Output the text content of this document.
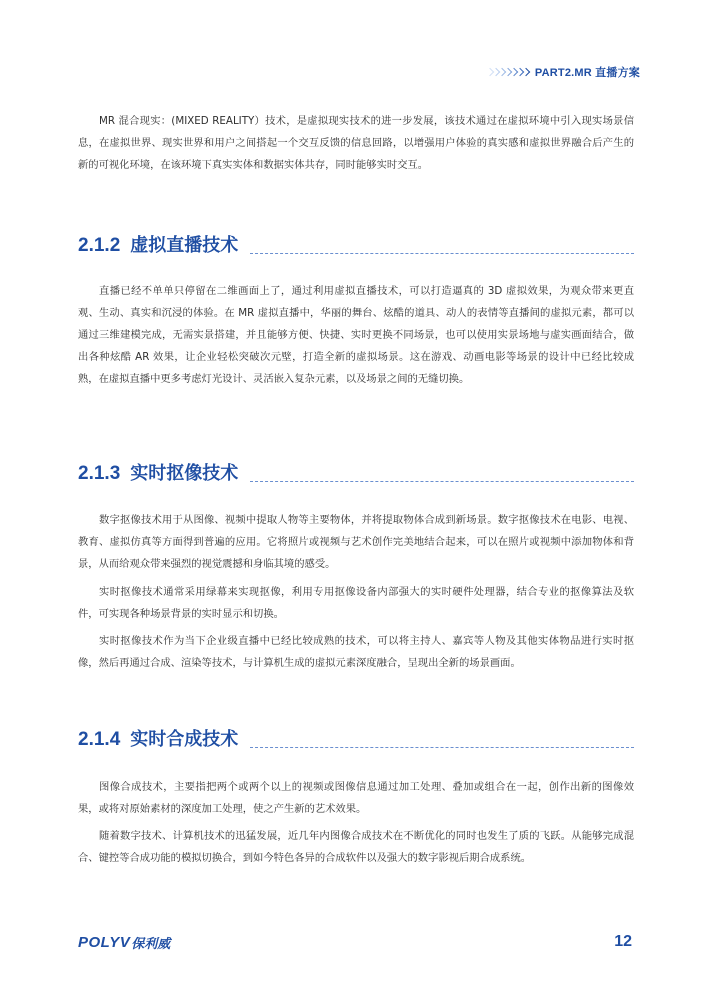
PART2.MR 直播方案

MR 混合现实：(MIXED REALITY）技术，是虚拟现实技术的进一步发展，该技术通过在虚拟环境中引入现实场景信息，在虚拟世界、现实世界和用户之间搭起一个交互反馈的信息回路，以增强用户体验的真实感和虚拟世界融合后产生的新的可视化环境，在该环境下真实实体和数据实体共存，同时能够实时交互。

2.1.2 虚拟直播技术

直播已经不单单只停留在二维画面上了，通过利用虚拟直播技术，可以打造逼真的 3D 虚拟效果，为观众带来更直观、生动、真实和沉浸的体验。在 MR 虚拟直播中，华丽的舞台、炫酷的道具、动人的表情等直播间的虚拟元素，都可以通过三维建模完成，无需实景搭建，并且能够方便、快捷、实时更换不同场景，也可以使用实景场地与虚实画面结合，做出各种炫酷 AR 效果，让企业轻松突破次元壁，打造全新的虚拟场景。这在游戏、动画电影等场景的设计中已经比较成熟，在虚拟直播中更多考虑灯光设计、灵活嵌入复杂元素，以及场景之间的无缝切换。

2.1.3 实时抠像技术

数字抠像技术用于从图像、视频中提取人物等主要物体，并将提取物体合成到新场景。数字抠像技术在电影、电视、教育、虚拟仿真等方面得到普遍的应用。它将照片或视频与艺术创作完美地结合起来，可以在照片或视频中添加物体和背景，从而给观众带来强烈的视觉震撼和身临其境的感受。

实时抠像技术通常采用绿幕来实现抠像，利用专用抠像设备内部强大的实时硬件处理器，结合专业的抠像算法及软件，可实现各种场景背景的实时显示和切换。

实时抠像技术作为当下企业级直播中已经比较成熟的技术，可以将主持人、嘉宾等人物及其他实体物品进行实时抠像，然后再通过合成、渲染等技术，与计算机生成的虚拟元素深度融合，呈现出全新的场景画面。

2.1.4 实时合成技术

图像合成技术，主要指把两个或两个以上的视频或图像信息通过加工处理、叠加或组合在一起，创作出新的图像效果，或将对原始素材的深度加工处理，使之产生新的艺术效果。

随着数字技术、计算机技术的迅猛发展，近几年内图像合成技术在不断优化的同时也发生了质的飞跃。从能够完成混合、键控等合成功能的模拟切换合，到如今特色各异的合成软件以及强大的数字影视后期合成系统。

POLYV 保利威	12
